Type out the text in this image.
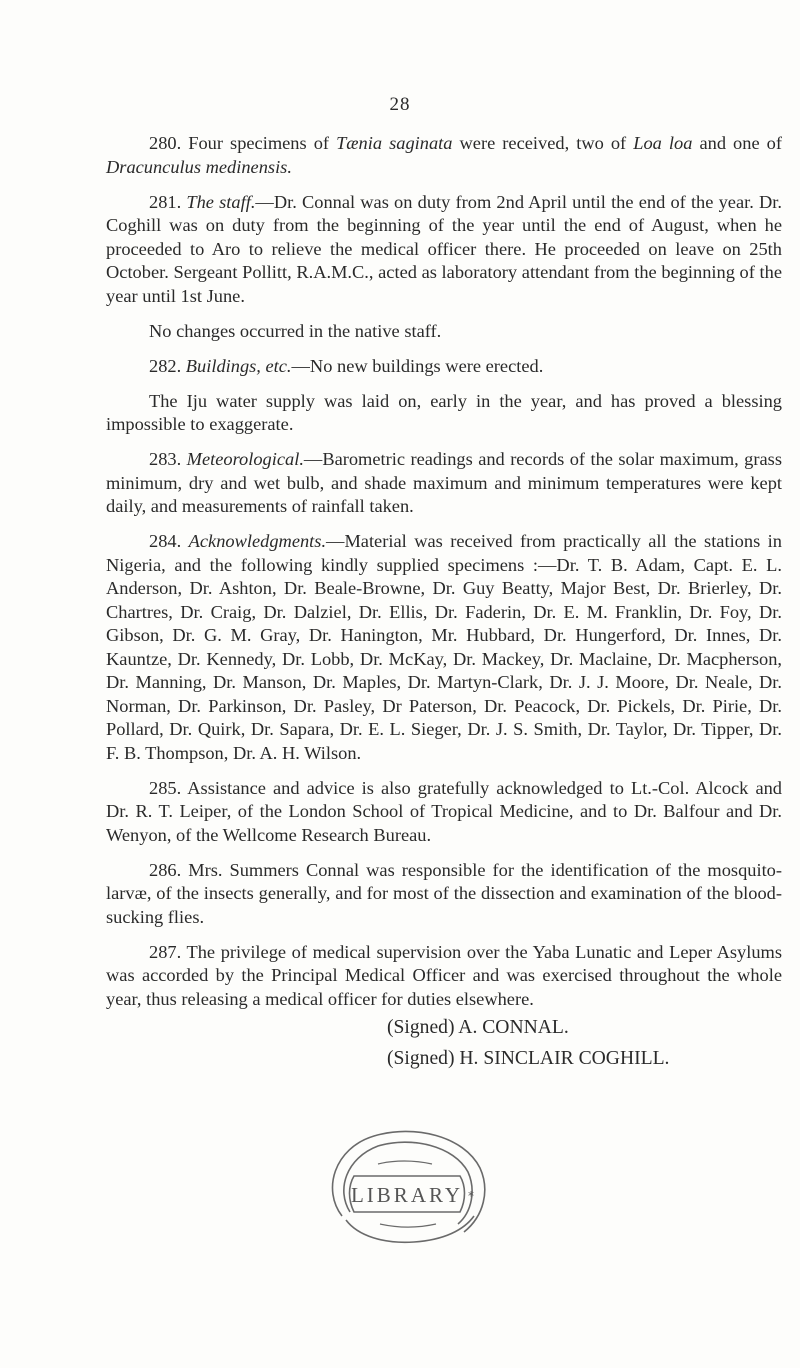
28

280. Four specimens of Tænia saginata were received, two of Loa loa and one of Dracunculus medinensis.

281. The staff.—Dr. Connal was on duty from 2nd April until the end of the year. Dr. Coghill was on duty from the beginning of the year until the end of August, when he proceeded to Aro to relieve the medical officer there. He proceeded on leave on 25th October. Sergeant Pollitt, R.A.M.C., acted as laboratory attendant from the beginning of the year until 1st June.

No changes occurred in the native staff.

282. Buildings, etc.—No new buildings were erected.

The Iju water supply was laid on, early in the year, and has proved a blessing impossible to exaggerate.

283. Meteorological.—Barometric readings and records of the solar maximum, grass minimum, dry and wet bulb, and shade maximum and minimum temperatures were kept daily, and measurements of rainfall taken.

284. Acknowledgments.—Material was received from practically all the stations in Nigeria, and the following kindly supplied specimens :—Dr. T. B. Adam, Capt. E. L. Anderson, Dr. Ashton, Dr. Beale-Browne, Dr. Guy Beatty, Major Best, Dr. Brierley, Dr. Chartres, Dr. Craig, Dr. Dalziel, Dr. Ellis, Dr. Faderin, Dr. E. M. Franklin, Dr. Foy, Dr. Gibson, Dr. G. M. Gray, Dr. Hanington, Mr. Hubbard, Dr. Hungerford, Dr. Innes, Dr. Kauntze, Dr. Kennedy, Dr. Lobb, Dr. McKay, Dr. Mackey, Dr. Maclaine, Dr. Macpherson, Dr. Manning, Dr. Manson, Dr. Maples, Dr. Martyn-Clark, Dr. J. J. Moore, Dr. Neale, Dr. Norman, Dr. Parkinson, Dr. Pasley, Dr Paterson, Dr. Peacock, Dr. Pickels, Dr. Pirie, Dr. Pollard, Dr. Quirk, Dr. Sapara, Dr. E. L. Sieger, Dr. J. S. Smith, Dr. Taylor, Dr. Tipper, Dr. F. B. Thompson, Dr. A. H. Wilson.

285. Assistance and advice is also gratefully acknowledged to Lt.-Col. Alcock and Dr. R. T. Leiper, of the London School of Tropical Medicine, and to Dr. Balfour and Dr. Wenyon, of the Wellcome Research Bureau.

286. Mrs. Summers Connal was responsible for the identification of the mosquito-larvæ, of the insects generally, and for most of the dissection and examination of the blood-sucking flies.

287. The privilege of medical supervision over the Yaba Lunatic and Leper Asylums was accorded by the Principal Medical Officer and was exercised throughout the whole year, thus releasing a medical officer for duties elsewhere.

(Signed) A. CONNAL.
(Signed) H. SINCLAIR COGHILL.
LIBRARY *
